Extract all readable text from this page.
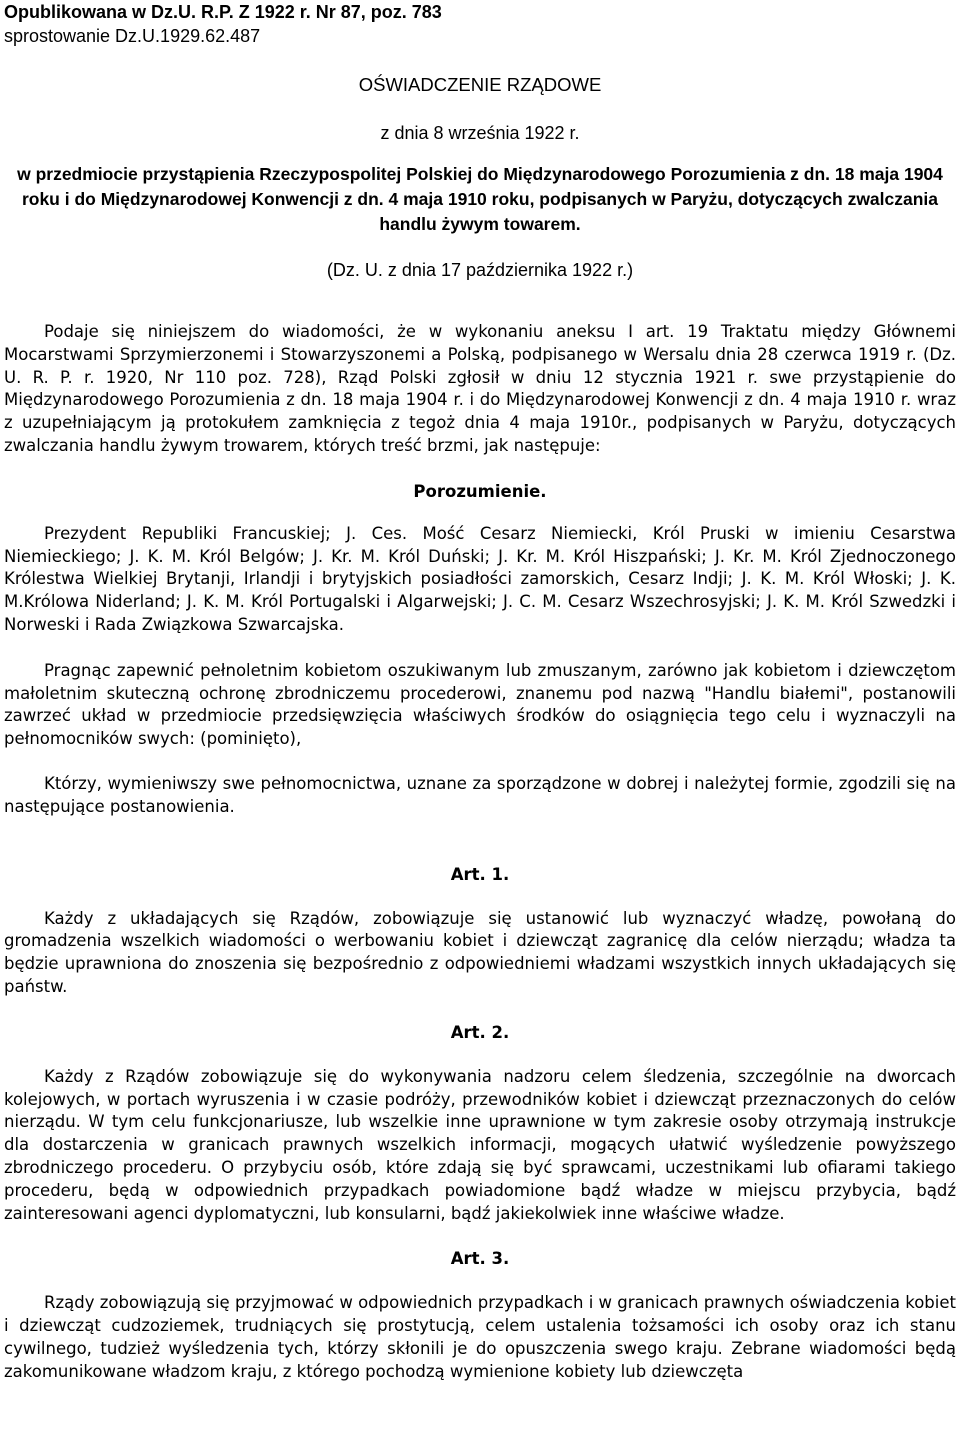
Opublikowana w Dz.U. R.P. Z 1922 r. Nr 87, poz. 783
sprostowanie Dz.U.1929.62.487
OŚWIADCZENIE RZĄDOWE
z dnia 8 września 1922 r.
w przedmiocie przystąpienia Rzeczypospolitej Polskiej do Międzynarodowego Porozumienia z dn. 18 maja 1904 roku i do Międzynarodowej Konwencji z dn. 4 maja 1910 roku, podpisanych w Paryżu, dotyczących zwalczania handlu żywym towarem.
(Dz. U. z dnia 17 października 1922 r.)

Podaje się niniejszem do wiadomości, że w wykonaniu aneksu I art. 19 Traktatu między Głównemi Mocarstwami Sprzymierzonemi i Stowarzyszonemi a Polską, podpisanego w Wersalu dnia 28 czerwca 1919 r. (Dz. U. R. P. r. 1920, Nr 110 poz. 728), Rząd Polski zgłosił w dniu 12 stycznia 1921 r. swe przystąpienie do Międzynarodowego Porozumienia z dn. 18 maja 1904 r. i do Międzynarodowej Konwencji z dn. 4 maja 1910 r. wraz z uzupełniającym ją protokułem zamknięcia z tegoż dnia 4 maja 1910r., podpisanych w Paryżu, dotyczących zwalczania handlu żywym trowarem, których treść brzmi, jak następuje:

Porozumienie.

Prezydent Republiki Francuskiej; J. Ces. Mość Cesarz Niemiecki, Król Pruski w imieniu Cesarstwa Niemieckiego; J. K. M. Król Belgów; J. Kr. M. Król Duński; J. Kr. M. Król Hiszpański; J. Kr. M. Król Zjednoczonego Królestwa Wielkiej Brytanji, Irlandji i brytyjskich posiadłości zamorskich, Cesarz Indji; J. K. M. Król Włoski; J. K. M.Królowa Niderland; J. K. M. Król Portugalski i Algarwejski; J. C. M. Cesarz Wszechrosyjski; J. K. M. Król Szwedzki i Norweski i Rada Związkowa Szwarcajska.

Pragnąc zapewnić pełnoletnim kobietom oszukiwanym lub zmuszanym, zarówno jak kobietom i dziewczętom małoletnim skuteczną ochronę zbrodniczemu procederowi, znanemu pod nazwą "Handlu białemi", postanowili zawrzeć układ w przedmiocie przedsięwzięcia właściwych środków do osiągnięcia tego celu i wyznaczyli na pełnomocników swych: (pominięto),

Którzy, wymieniwszy swe pełnomocnictwa, uznane za sporządzone w dobrej i należytej formie, zgodzili się na następujące postanowienia.

Art. 1.

Każdy z układających się Rządów, zobowiązuje się ustanowić lub wyznaczyć władzę, powołaną do gromadzenia wszelkich wiadomości o werbowaniu kobiet i dziewcząt zagranicę dla celów nierządu; władza ta będzie uprawniona do znoszenia się bezpośrednio z odpowiedniemi władzami wszystkich innych układających się państw.

Art. 2.

Każdy z Rządów zobowiązuje się do wykonywania nadzoru celem śledzenia, szczególnie na dworcach kolejowych, w portach wyruszenia i w czasie podróży, przewodników kobiet i dziewcząt przeznaczonych do celów nierządu. W tym celu funkcjonariusze, lub wszelkie inne uprawnione w tym zakresie osoby otrzymają instrukcje dla dostarczenia w granicach prawnych wszelkich informacji, mogących ułatwić wyśledzenie powyższego zbrodniczego procederu. O przybyciu osób, które zdają się być sprawcami, uczestnikami lub ofiarami takiego procederu, będą w odpowiednich przypadkach powiadomione bądź władze w miejscu przybycia, bądź zainteresowani agenci dyplomatyczni, lub konsularni, bądź jakiekolwiek inne właściwe władze.

Art. 3.

Rządy zobowiązują się przyjmować w odpowiednich przypadkach i w granicach prawnych oświadczenia kobiet i dziewcząt cudzoziemek, trudniących się prostytucją, celem ustalenia tożsamości ich osoby oraz ich stanu cywilnego, tudzież wyśledzenia tych, którzy skłonili je do opuszczenia swego kraju. Zebrane wiadomości będą zakomunikowane władzom kraju, z którego pochodzą wymienione kobiety lub dziewczęta
